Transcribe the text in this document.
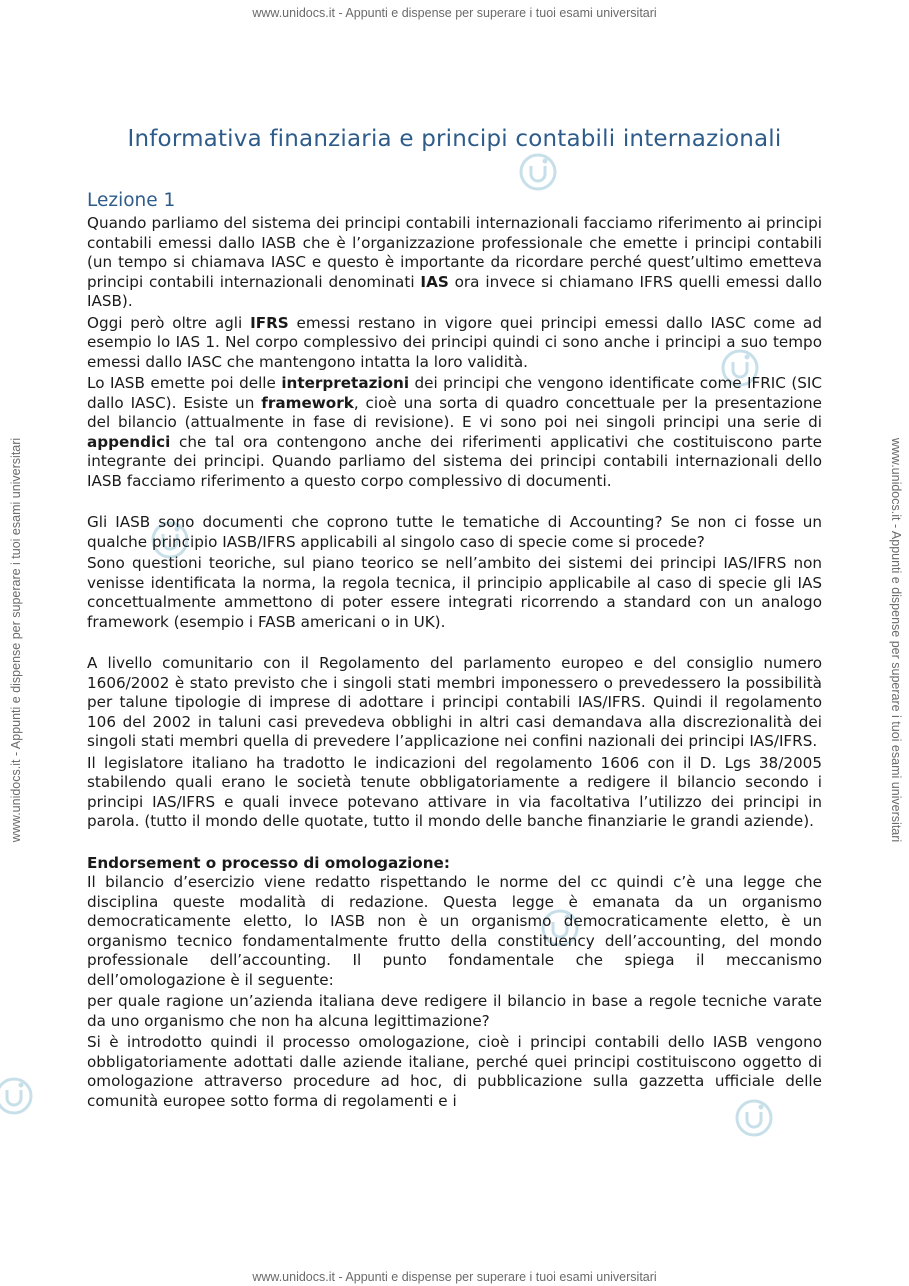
www.unidocs.it - Appunti e dispense per superare i tuoi esami universitari
www.unidocs.it - Appunti e dispense per superare i tuoi esami universitari
www.unidocs.it - Appunti e dispense per superare i tuoi esami universitari	www.unidocs.it - Appunti e dispense per superare i tuoi esami universitari
Informativa finanziaria e principi contabili internazionali
Lezione 1

Quando parliamo del sistema dei principi contabili internazionali facciamo riferimento ai principi contabili emessi dallo IASB che è l’organizzazione professionale che emette i principi contabili (un tempo si chiamava IASC e questo è importante da ricordare perché quest’ultimo emetteva principi contabili internazionali denominati IAS ora invece si chiamano IFRS quelli emessi dallo IASB).

Oggi però oltre agli IFRS emessi restano in vigore quei principi emessi dallo IASC come ad esempio lo IAS 1. Nel corpo complessivo dei principi quindi ci sono anche i principi a suo tempo emessi dallo IASC che mantengono intatta la loro validità.

Lo IASB emette poi delle interpretazioni dei principi che vengono identificate come IFRIC (SIC dallo IASC). Esiste un framework, cioè una sorta di quadro concettuale per la presentazione del bilancio (attualmente in fase di revisione). E vi sono poi nei singoli principi una serie di appendici che tal ora contengono anche dei riferimenti applicativi che costituiscono parte integrante dei principi. Quando parliamo del sistema dei principi contabili internazionali dello IASB facciamo riferimento a questo corpo complessivo di documenti.

Gli IASB sono documenti che coprono tutte le tematiche di Accounting? Se non ci fosse un qualche principio IASB/IFRS applicabili al singolo caso di specie come si procede?

Sono questioni teoriche, sul piano teorico se nell’ambito dei sistemi dei principi IAS/IFRS non venisse identificata la norma, la regola tecnica, il principio applicabile al caso di specie gli IAS concettualmente ammettono di poter essere integrati ricorrendo a standard con un analogo framework (esempio i FASB americani o in UK).

A livello comunitario con il Regolamento del parlamento europeo e del consiglio numero 1606/2002 è stato previsto che i singoli stati membri imponessero o prevedessero la possibilità per talune tipologie di imprese di adottare i principi contabili IAS/IFRS. Quindi il regolamento 106 del 2002 in taluni casi prevedeva obblighi in altri casi demandava alla discrezionalità dei singoli stati membri quella di prevedere l’applicazione nei confini nazionali dei principi IAS/IFRS.

Il legislatore italiano ha tradotto le indicazioni del regolamento 1606 con il D. Lgs 38/2005 stabilendo quali erano le società tenute obbligatoriamente a redigere il bilancio secondo i principi IAS/IFRS e quali invece potevano attivare in via facoltativa l’utilizzo dei principi in parola. (tutto il mondo delle quotate, tutto il mondo delle banche finanziarie le grandi aziende).

Endorsement o processo di omologazione:

Il bilancio d’esercizio viene redatto rispettando le norme del cc quindi c’è una legge che disciplina queste modalità di redazione. Questa legge è emanata da un organismo democraticamente eletto, lo IASB non è un organismo democraticamente eletto, è un organismo tecnico fondamentalmente frutto della constituency dell’accounting, del mondo professionale dell’accounting. Il punto fondamentale che spiega il meccanismo dell’omologazione è il seguente:

per quale ragione un’azienda italiana deve redigere il bilancio in base a regole tecniche varate da uno organismo che non ha alcuna legittimazione?

Si è introdotto quindi il processo omologazione, cioè i principi contabili dello IASB vengono obbligatoriamente adottati dalle aziende italiane, perché quei principi costituiscono oggetto di omologazione attraverso procedure ad hoc, di pubblicazione sulla gazzetta ufficiale delle comunità europee sotto forma di regolamenti e i
